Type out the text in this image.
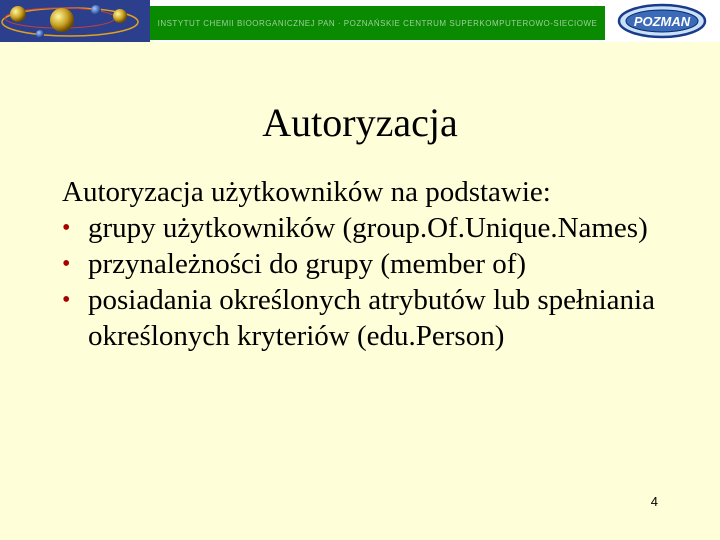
INSTYTUT CHEMII BIOORGANICZNEJ PAN · POZNAŃSKIE CENTRUM SUPERKOMPUTEROWO-SIECIOWE	POZMAN
Autoryzacja

Autoryzacja użytkowników na podstawie:

• grupy użytkowników (group.Of.Unique.Names)
• przynależności do grupy (member of)
• posiadania określonych atrybutów lub spełniania określonych kryteriów (edu.Person)
4
